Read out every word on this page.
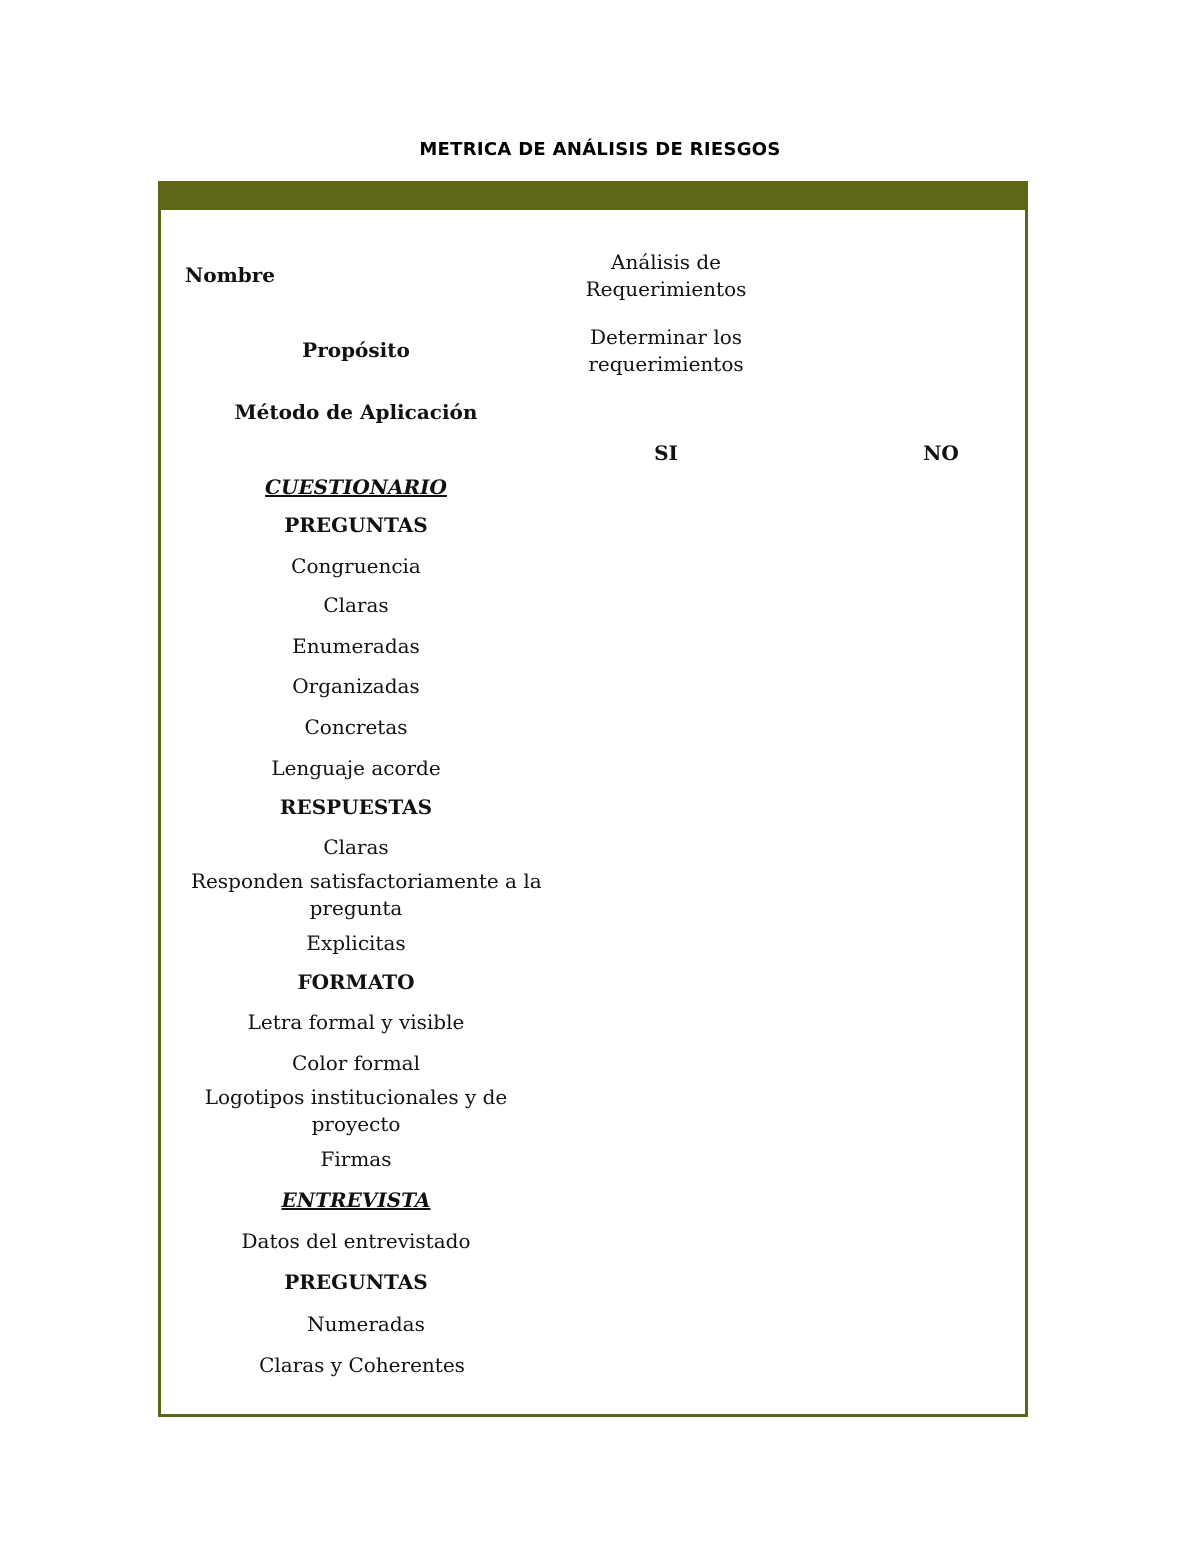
METRICA DE ANÁLISIS DE RIESGOS
Nombre
Análisis de
Requerimientos
Propósito
Determinar los
requerimientos
Método de Aplicación
SI	NO
CUESTIONARIO
PREGUNTAS
Congruencia
Claras
Enumeradas
Organizadas
Concretas
Lenguaje acorde
RESPUESTAS
Claras
Responden satisfactoriamente a la
pregunta
Explicitas
FORMATO
Letra formal y visible
Color formal
Logotipos institucionales y de
proyecto
Firmas
ENTREVISTA
Datos del entrevistado
PREGUNTAS
Numeradas
Claras y Coherentes
